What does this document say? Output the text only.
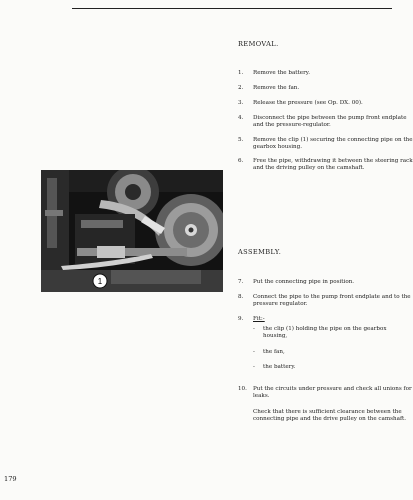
REMOVAL.
1. Remove the battery.
2. Remove the fan.
3. Release the pressure (see Op. DX. 00).
4. Disconnect the pipe between the pump front endplate and the pressure-regulator.
5. Remove the clip (1) securing the connecting pipe on the gearbox housing.
6. Free the pipe, withdrawing it between the steering rack and the driving pulley on the camshaft.
1
ASSEMBLY.
7. Put the connecting pipe in position.
8. Connect the pipe to the pump front endplate and to the pressure regulator.
9. Fit:-
- the clip (1) holding the pipe on the gearbox housing,
- the fan,
- the battery.
10. Put the circuits under pressure and check all unions for leaks.
Check that there is sufficient clearance between the connecting pipe and the drive pulley on the camshaft.
179
